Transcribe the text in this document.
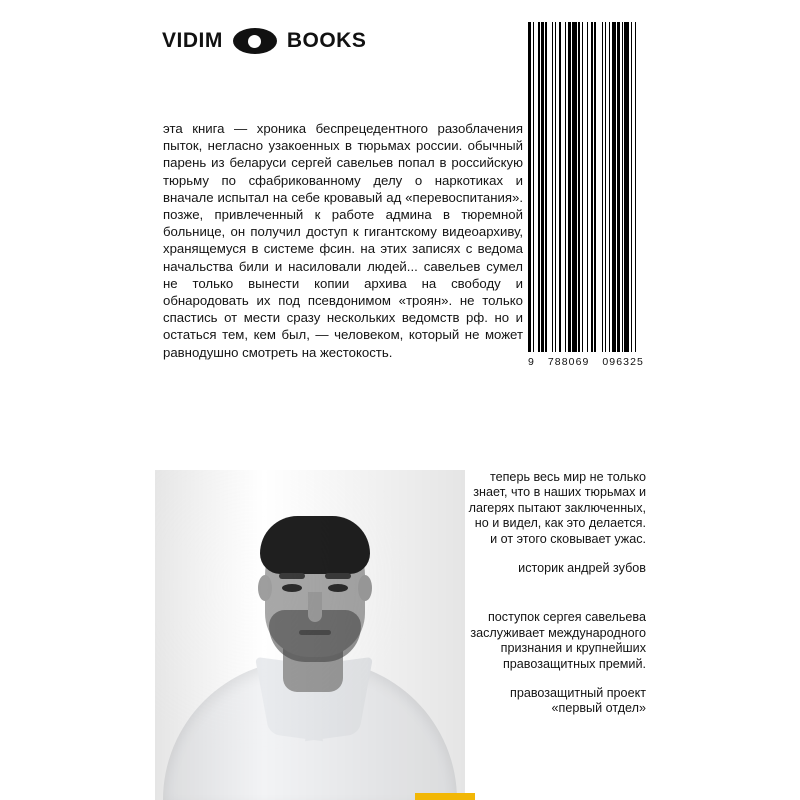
VIDIM	BOOKS

эта книга — хроника беспрецедентного разоблачения пыток, негласно узакоенных в тюрьмах россии. обычный парень из беларуси сергей савельев попал в российскую тюрьму по сфабрикованному делу о наркотиках и вначале испытал на себе кровавый ад «перевоспитания». позже, привлеченный к работе админа в тюремной больнице, он получил доступ к гигантскому видеоархиву, хранящемуся в системе фсин. на этих записях с ведома начальства били и насиловали людей... савельев сумел не только вынести копии архива на свободу и обнародовать их под псевдонимом «троян». не только спастись от мести сразу нескольких ведомств рф. но и остаться тем, кем был, — человеком, который не может равнодушно смотреть на жестокость.

9 788069 096325
теперь весь мир не только знает, что в наших тюрьмах и лагерях пытают заключенных, но и видел, как это делается. и от этого сковывает ужас.
историк андрей зубов
поступок сергея савельева заслуживает международного признания и крупнейших правозащитных премий.
правозащитный проект «первый отдел»
